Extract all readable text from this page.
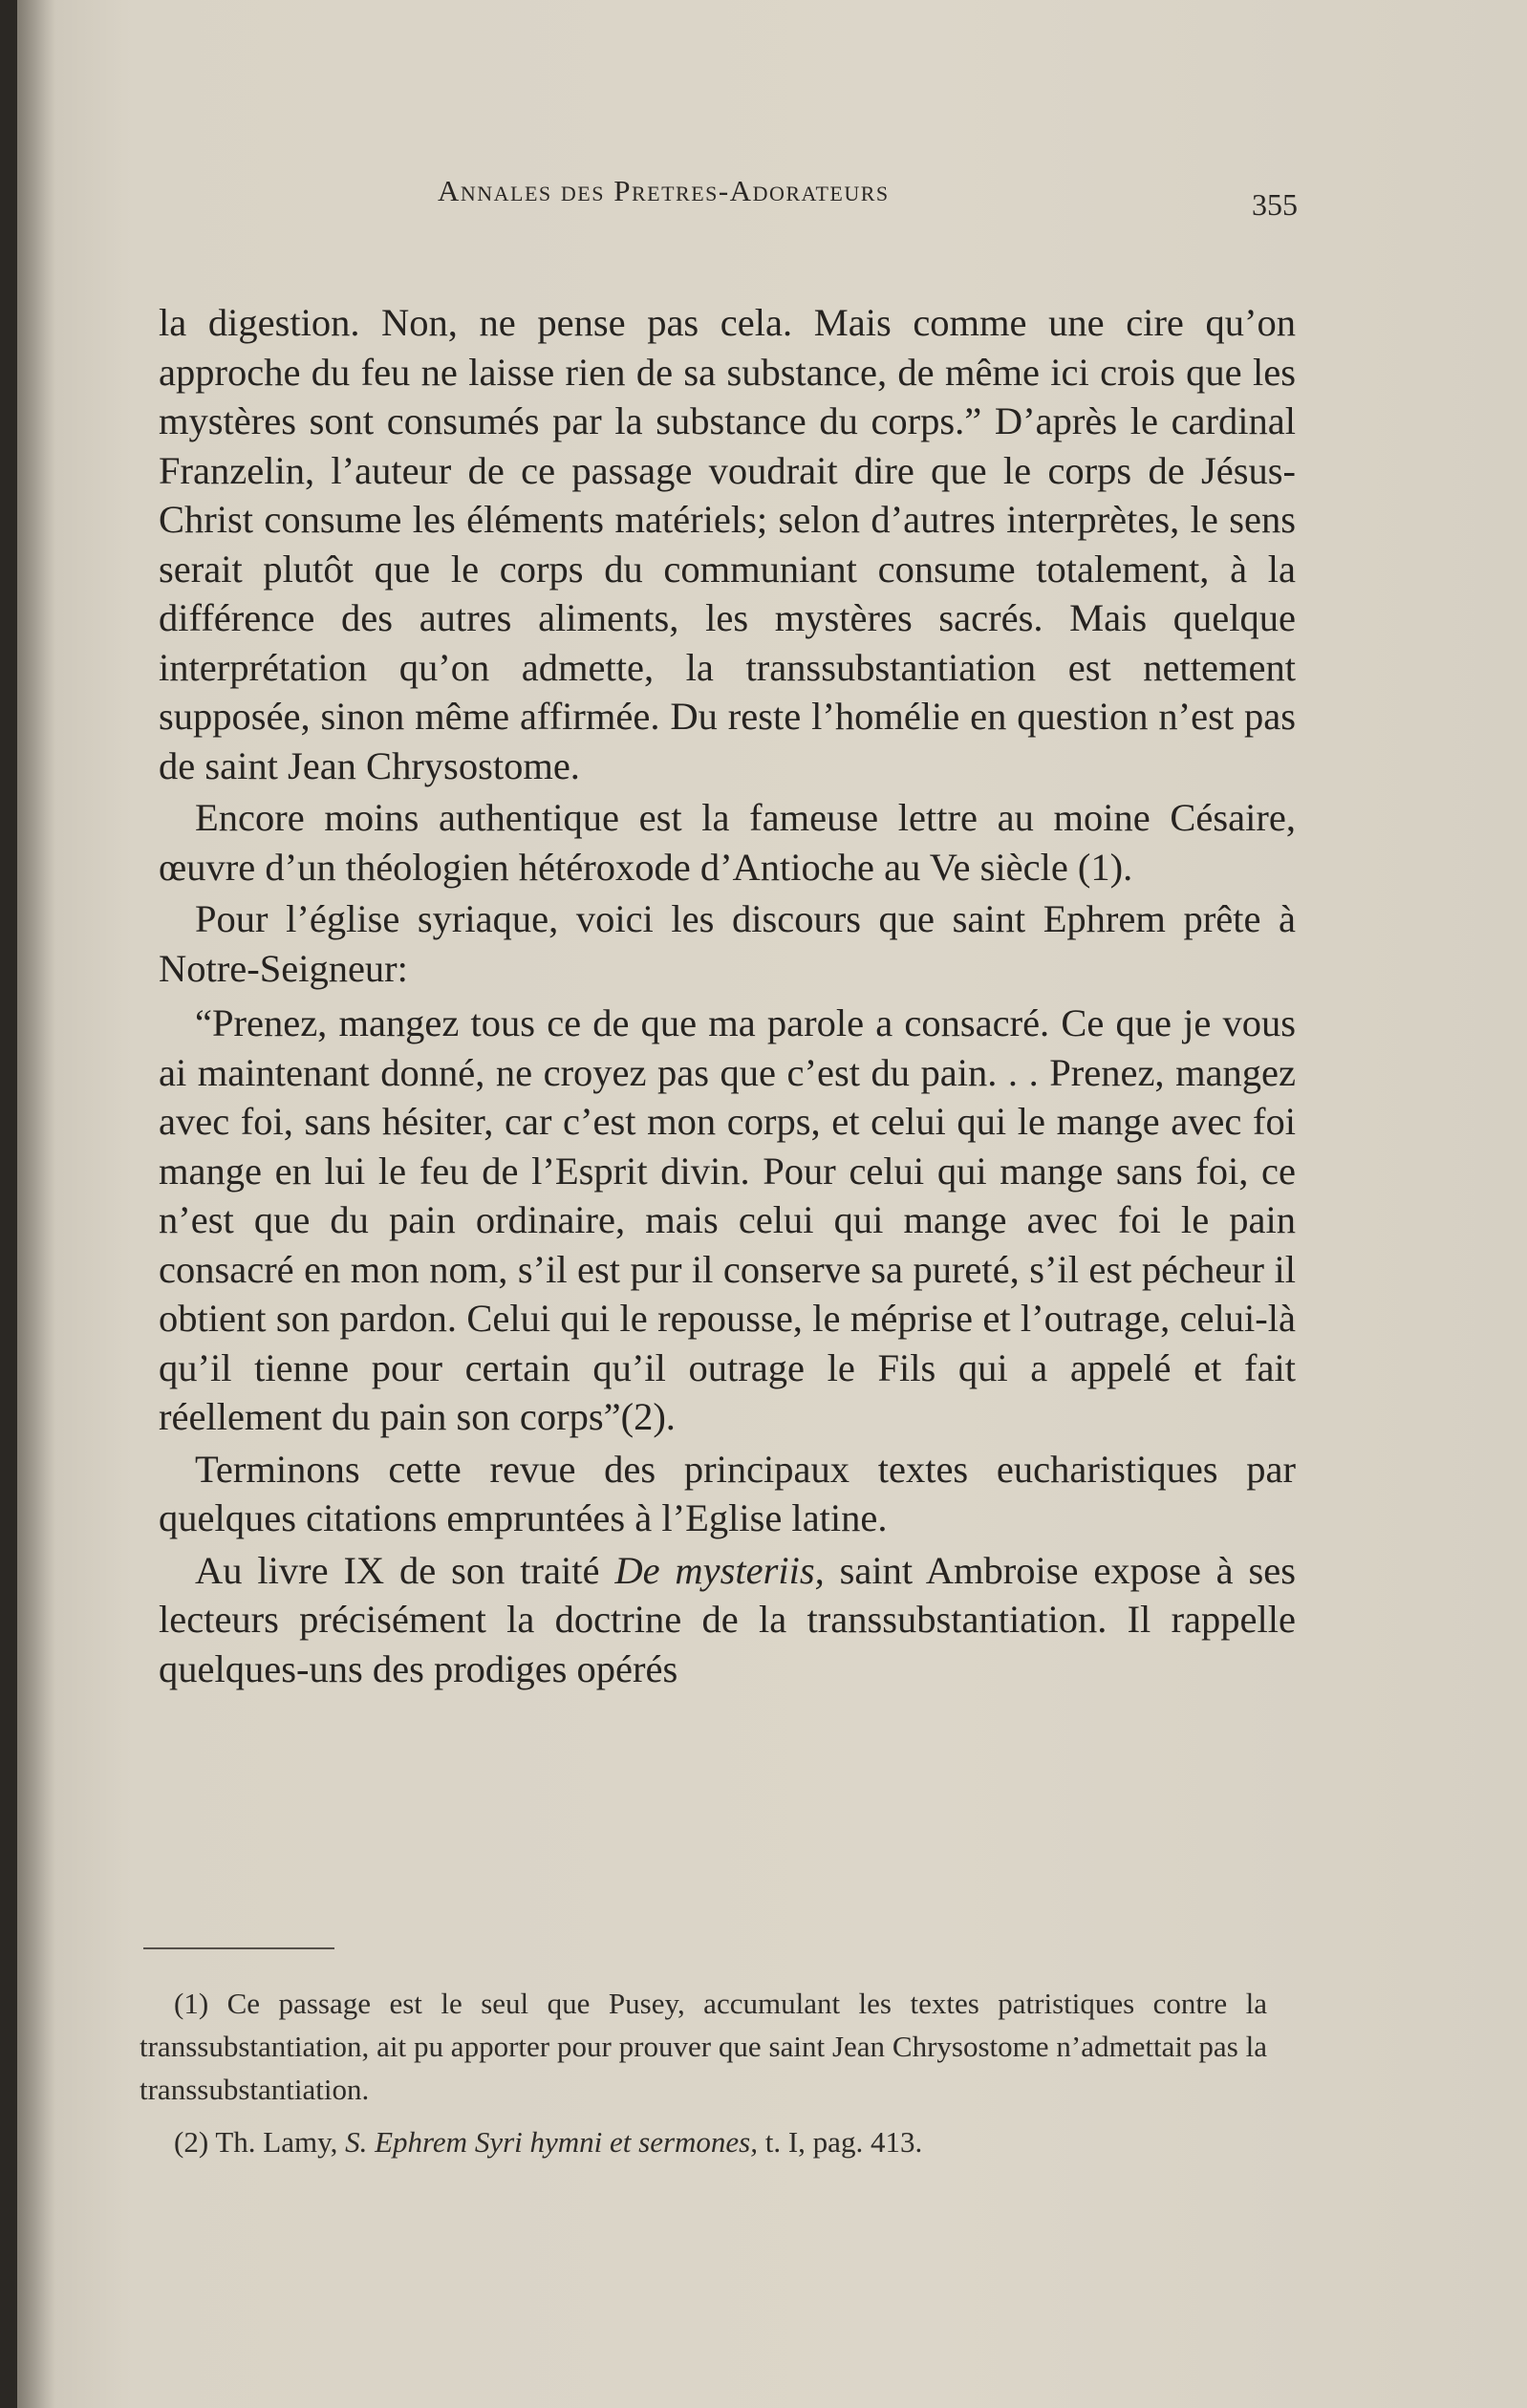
Annales des Pretres-Adorateurs	355

la digestion. Non, ne pense pas cela. Mais comme une cire qu’on approche du feu ne laisse rien de sa substance, de même ici crois que les mystères sont consumés par la substance du corps.” D’après le cardinal Franzelin, l’auteur de ce passage voudrait dire que le corps de Jésus-Christ consume les éléments matériels; selon d’autres interprètes, le sens serait plutôt que le corps du communiant consume totalement, à la différence des autres aliments, les mystères sacrés. Mais quelque interprétation qu’on admette, la transsubstantiation est nettement supposée, sinon même affirmée. Du reste l’homélie en question n’est pas de saint Jean Chrysostome.

Encore moins authentique est la fameuse lettre au moine Césaire, œuvre d’un théologien hétéroxode d’Antioche au Ve siècle (1).

Pour l’église syriaque, voici les discours que saint Ephrem prête à Notre-Seigneur:

“Prenez, mangez tous ce de que ma parole a consacré. Ce que je vous ai maintenant donné, ne croyez pas que c’est du pain. . . Prenez, mangez avec foi, sans hésiter, car c’est mon corps, et celui qui le mange avec foi mange en lui le feu de l’Esprit divin. Pour celui qui mange sans foi, ce n’est que du pain ordinaire, mais celui qui mange avec foi le pain consacré en mon nom, s’il est pur il conserve sa pureté, s’il est pécheur il obtient son pardon. Celui qui le repousse, le méprise et l’outrage, celui-là qu’il tienne pour certain qu’il outrage le Fils qui a appelé et fait réellement du pain son corps”(2).

Terminons cette revue des principaux textes eucharistiques par quelques citations empruntées à l’Eglise latine.

Au livre IX de son traité De mysteriis, saint Ambroise expose à ses lecteurs précisément la doctrine de la transsubstantiation. Il rappelle quelques-uns des prodiges opérés

(1) Ce passage est le seul que Pusey, accumulant les textes patristiques contre la transsubstantiation, ait pu apporter pour prouver que saint Jean Chrysostome n’admettait pas la transsubstantiation.

(2) Th. Lamy, S. Ephrem Syri hymni et sermones, t. I, pag. 413.
